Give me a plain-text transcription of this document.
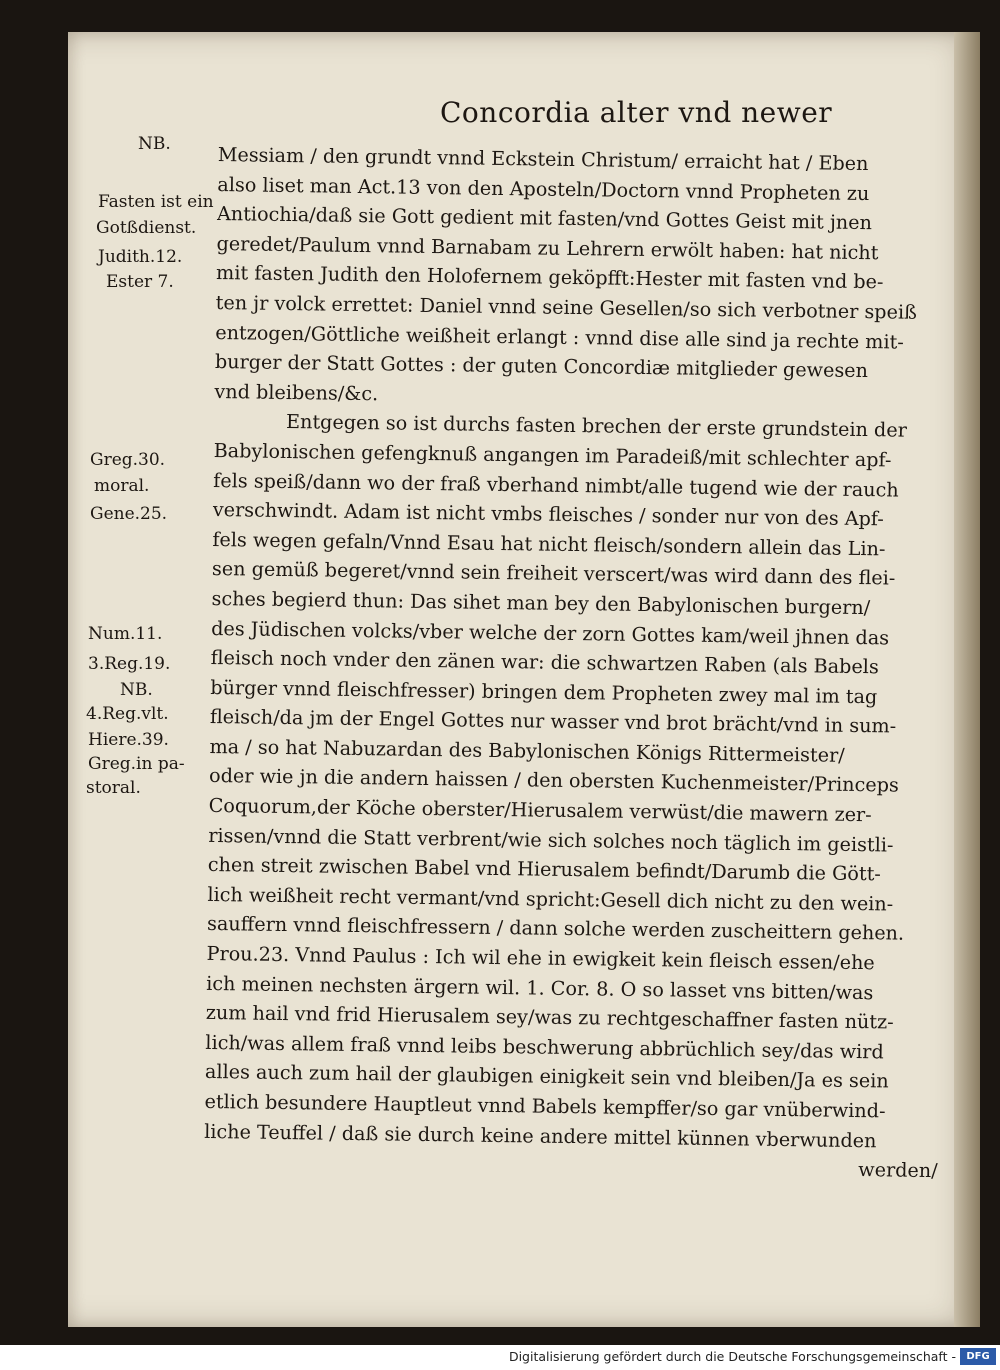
Concordia alter vnd newer
NB.
Fasten ist ein
Gotßdienst.
Judith.12.
Ester 7.
Greg.30.
moral.
Gene.25.
Num.11.
3.Reg.19.
NB.
4.Reg.vlt.
Hiere.39.
Greg.in pa-
storal.
Messiam / den grundt vnnd Eckstein Christum/ erraicht hat / Eben
also liset man Act.13 von den Aposteln/Doctorn vnnd Propheten zu
Antiochia/daß sie Gott gedient mit fasten/vnd Gottes Geist mit jnen
geredet/Paulum vnnd Barnabam zu Lehrern erwölt haben: hat nicht
mit fasten Judith den Holofernem geköpfft:Hester mit fasten vnd be-
ten jr volck errettet: Daniel vnnd seine Gesellen/so sich verbotner speiß
entzogen/Göttliche weißheit erlangt : vnnd dise alle sind ja rechte mit-
burger der Statt Gottes : der guten Concordiæ mitglieder gewesen
vnd bleibens/&c.
Entgegen so ist durchs fasten brechen der erste grundstein der
Babylonischen gefengknuß angangen im Paradeiß/mit schlechter apf-
fels speiß/dann wo der fraß vberhand nimbt/alle tugend wie der rauch
verschwindt. Adam ist nicht vmbs fleisches / sonder nur von des Apf-
fels wegen gefaln/Vnnd Esau hat nicht fleisch/sondern allein das Lin-
sen gemüß begeret/vnnd sein freiheit verscert/was wird dann des flei-
sches begierd thun: Das sihet man bey den Babylonischen burgern/
des Jüdischen volcks/vber welche der zorn Gottes kam/weil jhnen das
fleisch noch vnder den zänen war: die schwartzen Raben (als Babels
bürger vnnd fleischfresser) bringen dem Propheten zwey mal im tag
fleisch/da jm der Engel Gottes nur wasser vnd brot brächt/vnd in sum-
ma / so hat Nabuzardan des Babylonischen Königs Rittermeister/
oder wie jn die andern haissen / den obersten Kuchenmeister/Princeps
Coquorum,der Köche oberster/Hierusalem verwüst/die mawern zer-
rissen/vnnd die Statt verbrent/wie sich solches noch täglich im geistli-
chen streit zwischen Babel vnd Hierusalem befindt/Darumb die Gött-
lich weißheit recht vermant/vnd spricht:Gesell dich nicht zu den wein-
sauffern vnnd fleischfressern / dann solche werden zuscheittern gehen.
Prou.23. Vnnd Paulus : Ich wil ehe in ewigkeit kein fleisch essen/ehe
ich meinen nechsten ärgern wil. 1. Cor. 8. O so lasset vns bitten/was
zum hail vnd frid Hierusalem sey/was zu rechtgeschaffner fasten nütz-
lich/was allem fraß vnnd leibs beschwerung abbrüchlich sey/das wird
alles auch zum hail der glaubigen einigkeit sein vnd bleiben/Ja es sein
etlich besundere Hauptleut vnnd Babels kempffer/so gar vnüberwind-
liche Teuffel / daß sie durch keine andere mittel künnen vberwunden
werden/
Digitalisierung gefördert durch die Deutsche Forschungsgemeinschaft -	DFG
